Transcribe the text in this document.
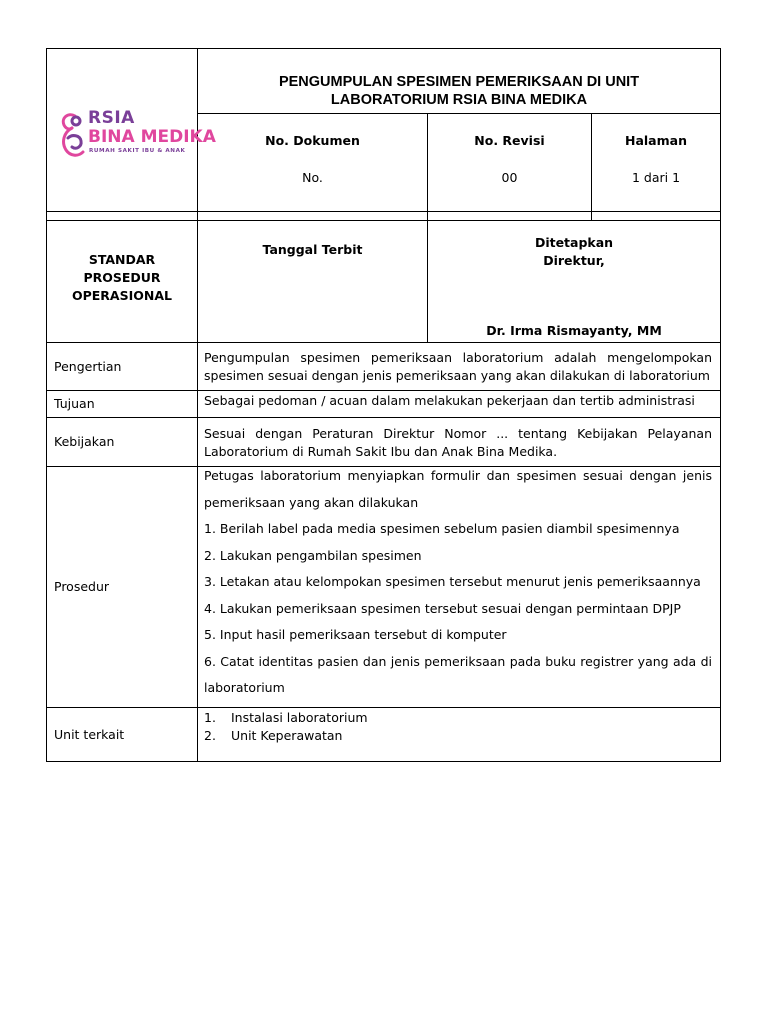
RSIA
BINA MEDIKA
RUMAH SAKIT IBU & ANAK
PENGUMPULAN SPESIMEN PEMERIKSAAN DI UNIT
LABORATORIUM RSIA BINA MEDIKA
No. Dokumen
No.
No. Revisi
00
Halaman
1 dari 1
STANDAR
PROSEDUR
OPERASIONAL
Tanggal Terbit	Ditetapkan
Direktur,
Dr. Irma Rismayanty, MM
Pengertian
Pengumpulan spesimen pemeriksaan laboratorium adalah mengelompokan spesimen sesuai dengan jenis pemeriksaan yang akan dilakukan di laboratorium
Tujuan	Sebagai pedoman / acuan dalam melakukan pekerjaan dan tertib administrasi
Kebijakan
Sesuai dengan Peraturan Direktur Nomor ... tentang Kebijakan Pelayanan Laboratorium di Rumah Sakit Ibu dan Anak Bina Medika.
Prosedur
Petugas laboratorium menyiapkan formulir dan spesimen sesuai dengan jenis pemeriksaan yang akan dilakukan
1. Berilah label pada media spesimen sebelum pasien diambil spesimennya
2. Lakukan pengambilan spesimen
3. Letakan atau kelompokan spesimen tersebut menurut jenis pemeriksaannya
4. Lakukan pemeriksaan spesimen tersebut sesuai dengan permintaan DPJP
5. Input hasil pemeriksaan tersebut di komputer
6. Catat identitas pasien dan jenis pemeriksaan pada buku registrer yang ada di laboratorium
Unit terkait
1. Instalasi laboratorium
2. Unit Keperawatan
